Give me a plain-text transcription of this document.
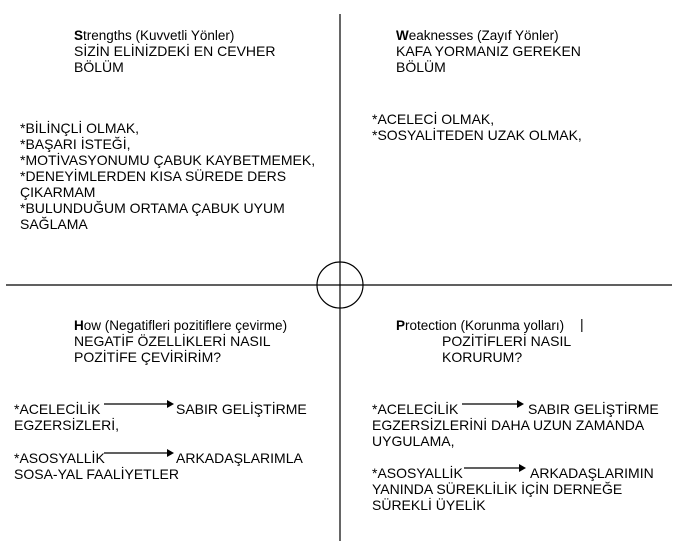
Strengths (Kuvvetli Yönler)
SİZİN ELİNİZDEKİ EN CEVHER
BÖLÜM
*BİLİNÇLİ OLMAK,
*BAŞARI İSTEĞİ,
*MOTİVASYONUMU ÇABUK KAYBETMEMEK,
*DENEYİMLERDEN KISA SÜREDE DERS
ÇIKARMAM
*BULUNDUĞUM ORTAMA ÇABUK UYUM
SAĞLAMA
Weaknesses (Zayıf Yönler)
KAFA YORMANIZ GEREKEN
BÖLÜM
*ACELECİ OLMAK,
*SOSYALİTEDEN UZAK OLMAK,
How (Negatifleri pozitiflere çevirme)
NEGATİF ÖZELLİKLERİ NASIL
POZİTİFE ÇEVİRİRİM?
*ACELECİLİK	SABIR GELİŞTİRME
EGZERSİZLERİ,
*ASOSYALLİK	ARKADAŞLARIMLA
SOSA-YAL FAALİYETLER
Protection (Korunma yolları) |
POZİTİFLERİ NASIL
KORURUM?
*ACELECİLİK	SABIR GELİŞTİRME
EGZERSİZLERİNİ DAHA UZUN ZAMANDA
UYGULAMA,
*ASOSYALLİK	ARKADAŞLARIMIN
YANINDA SÜREKLİLİK İÇİN DERNEĞE
SÜREKLİ ÜYELİK
